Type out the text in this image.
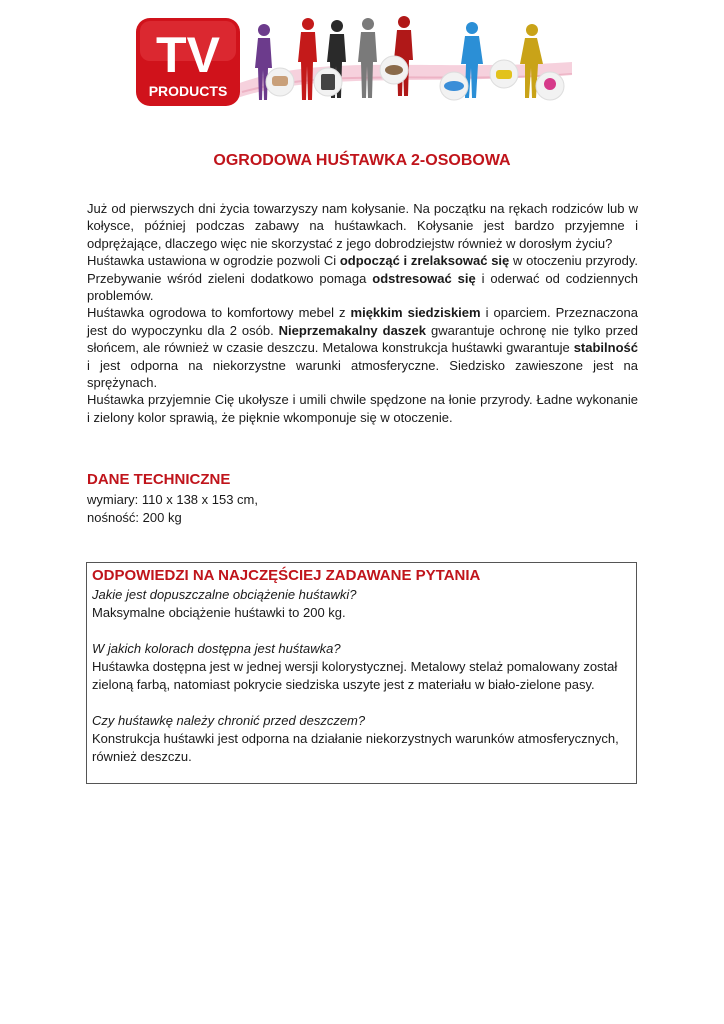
TV
PRODUCTS
OGRODOWA HUŚTAWKA 2-OSOBOWA

Już od pierwszych dni życia towarzyszy nam kołysanie. Na początku na rękach rodziców lub w kołysce, później podczas zabawy na huśtawkach. Kołysanie jest bardzo przyjemne i odprężające, dlaczego więc nie skorzystać z jego dobrodziejstw również w dorosłym życiu?

Huśtawka ustawiona w ogrodzie pozwoli Ci odpocząć i zrelaksować się w otoczeniu przyrody. Przebywanie wśród zieleni dodatkowo pomaga odstresować się i oderwać od codziennych problemów.

Huśtawka ogrodowa to komfortowy mebel z miękkim siedziskiem i oparciem. Przeznaczona jest do wypoczynku dla 2 osób. Nieprzemakalny daszek gwarantuje ochronę nie tylko przed słońcem, ale również w czasie deszczu. Metalowa konstrukcja huśtawki gwarantuje stabilność i jest odporna na niekorzystne warunki atmosferyczne. Siedzisko zawieszone jest na sprężynach.

Huśtawka przyjemnie Cię ukołysze i umili chwile spędzone na łonie przyrody. Ładne wykonanie i zielony kolor sprawią, że pięknie wkomponuje się w otoczenie.

DANE TECHNICZNE
wymiary: 110 x 138 x 153 cm,
nośność: 200 kg
ODPOWIEDZI NA NAJCZĘŚCIEJ ZADAWANE PYTANIA
Jakie jest dopuszczalne obciążenie huśtawki?
Maksymalne obciążenie huśtawki to 200 kg.
W jakich kolorach dostępna jest huśtawka?
Huśtawka dostępna jest w jednej wersji kolorystycznej. Metalowy stelaż pomalowany został zieloną farbą, natomiast pokrycie siedziska uszyte jest z materiału w biało-zielone pasy.
Czy huśtawkę należy chronić przed deszczem?
Konstrukcja huśtawki jest odporna na działanie niekorzystnych warunków atmosferycznych, również deszczu.
